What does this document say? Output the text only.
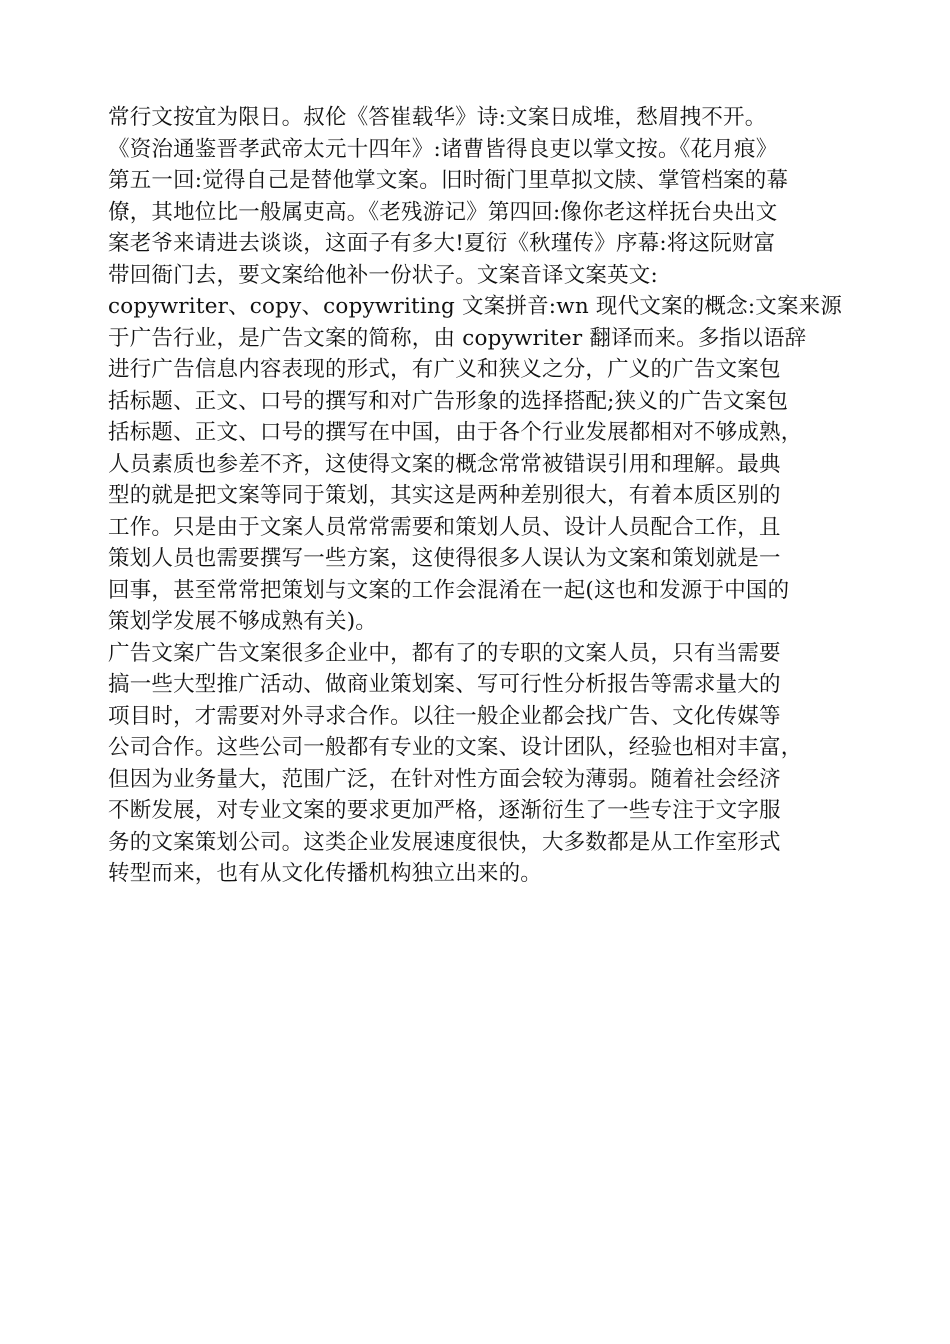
常行文按宜为限日。叔伦《答崔载华》诗:文案日成堆，愁眉拽不开。
《资治通鉴晋孝武帝太元十四年》:诸曹皆得良吏以掌文按。《花月痕》
第五一回:觉得自己是替他掌文案。旧时衙门里草拟文牍、掌管档案的幕
僚，其地位比一般属吏高。《老残游记》第四回:像你老这样抚台央出文
案老爷来请进去谈谈，这面子有多大!夏衍《秋瑾传》序幕:将这阮财富
带回衙门去，要文案给他补一份状子。文案音译文案英文:
copywriter、copy、copywriting 文案拼音:wn 现代文案的概念:文案来源
于广告行业，是广告文案的简称，由 copywriter 翻译而来。多指以语辞
进行广告信息内容表现的形式，有广义和狭义之分，广义的广告文案包
括标题、正文、口号的撰写和对广告形象的选择搭配;狭义的广告文案包
括标题、正文、口号的撰写在中国，由于各个行业发展都相对不够成熟，
人员素质也参差不齐，这使得文案的概念常常被错误引用和理解。最典
型的就是把文案等同于策划，其实这是两种差别很大，有着本质区别的
工作。只是由于文案人员常常需要和策划人员、设计人员配合工作，且
策划人员也需要撰写一些方案，这使得很多人误认为文案和策划就是一
回事，甚至常常把策划与文案的工作会混淆在一起(这也和发源于中国的
策划学发展不够成熟有关)。
广告文案广告文案很多企业中，都有了的专职的文案人员，只有当需要
搞一些大型推广活动、做商业策划案、写可行性分析报告等需求量大的
项目时，才需要对外寻求合作。以往一般企业都会找广告、文化传媒等
公司合作。这些公司一般都有专业的文案、设计团队，经验也相对丰富，
但因为业务量大，范围广泛，在针对性方面会较为薄弱。随着社会经济
不断发展，对专业文案的要求更加严格，逐渐衍生了一些专注于文字服
务的文案策划公司。这类企业发展速度很快，大多数都是从工作室形式
转型而来，也有从文化传播机构独立出来的。
